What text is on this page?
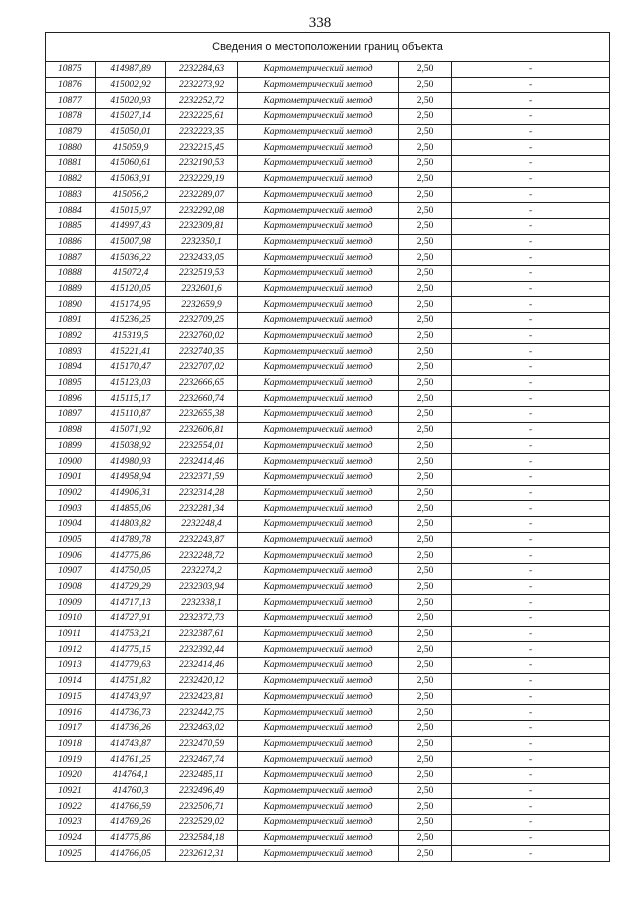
338
Сведения о местоположении границ объекта					
10875	414987,89	2232284,63	Картометрический метод	2,50	-
10876	415002,92	2232273,92	Картометрический метод	2,50	-
10877	415020,93	2232252,72	Картометрический метод	2,50	-
10878	415027,14	2232225,61	Картометрический метод	2,50	-
10879	415050,01	2232223,35	Картометрический метод	2,50	-
10880	415059,9	2232215,45	Картометрический метод	2,50	-
10881	415060,61	2232190,53	Картометрический метод	2,50	-
10882	415063,91	2232229,19	Картометрический метод	2,50	-
10883	415056,2	2232289,07	Картометрический метод	2,50	-
10884	415015,97	2232292,08	Картометрический метод	2,50	-
10885	414997,43	2232309,81	Картометрический метод	2,50	-
10886	415007,98	2232350,1	Картометрический метод	2,50	-
10887	415036,22	2232433,05	Картометрический метод	2,50	-
10888	415072,4	2232519,53	Картометрический метод	2,50	-
10889	415120,05	2232601,6	Картометрический метод	2,50	-
10890	415174,95	2232659,9	Картометрический метод	2,50	-
10891	415236,25	2232709,25	Картометрический метод	2,50	-
10892	415319,5	2232760,02	Картометрический метод	2,50	-
10893	415221,41	2232740,35	Картометрический метод	2,50	-
10894	415170,47	2232707,02	Картометрический метод	2,50	-
10895	415123,03	2232666,65	Картометрический метод	2,50	-
10896	415115,17	2232660,74	Картометрический метод	2,50	-
10897	415110,87	2232655,38	Картометрический метод	2,50	-
10898	415071,92	2232606,81	Картометрический метод	2,50	-
10899	415038,92	2232554,01	Картометрический метод	2,50	-
10900	414980,93	2232414,46	Картометрический метод	2,50	-
10901	414958,94	2232371,59	Картометрический метод	2,50	-
10902	414906,31	2232314,28	Картометрический метод	2,50	-
10903	414855,06	2232281,34	Картометрический метод	2,50	-
10904	414803,82	2232248,4	Картометрический метод	2,50	-
10905	414789,78	2232243,87	Картометрический метод	2,50	-
10906	414775,86	2232248,72	Картометрический метод	2,50	-
10907	414750,05	2232274,2	Картометрический метод	2,50	-
10908	414729,29	2232303,94	Картометрический метод	2,50	-
10909	414717,13	2232338,1	Картометрический метод	2,50	-
10910	414727,91	2232372,73	Картометрический метод	2,50	-
10911	414753,21	2232387,61	Картометрический метод	2,50	-
10912	414775,15	2232392,44	Картометрический метод	2,50	-
10913	414779,63	2232414,46	Картометрический метод	2,50	-
10914	414751,82	2232420,12	Картометрический метод	2,50	-
10915	414743,97	2232423,81	Картометрический метод	2,50	-
10916	414736,73	2232442,75	Картометрический метод	2,50	-
10917	414736,26	2232463,02	Картометрический метод	2,50	-
10918	414743,87	2232470,59	Картометрический метод	2,50	-
10919	414761,25	2232467,74	Картометрический метод	2,50	-
10920	414764,1	2232485,11	Картометрический метод	2,50	-
10921	414760,3	2232496,49	Картометрический метод	2,50	-
10922	414766,59	2232506,71	Картометрический метод	2,50	-
10923	414769,26	2232529,02	Картометрический метод	2,50	-
10924	414775,86	2232584,18	Картометрический метод	2,50	-
10925	414766,05	2232612,31	Картометрический метод	2,50	-
